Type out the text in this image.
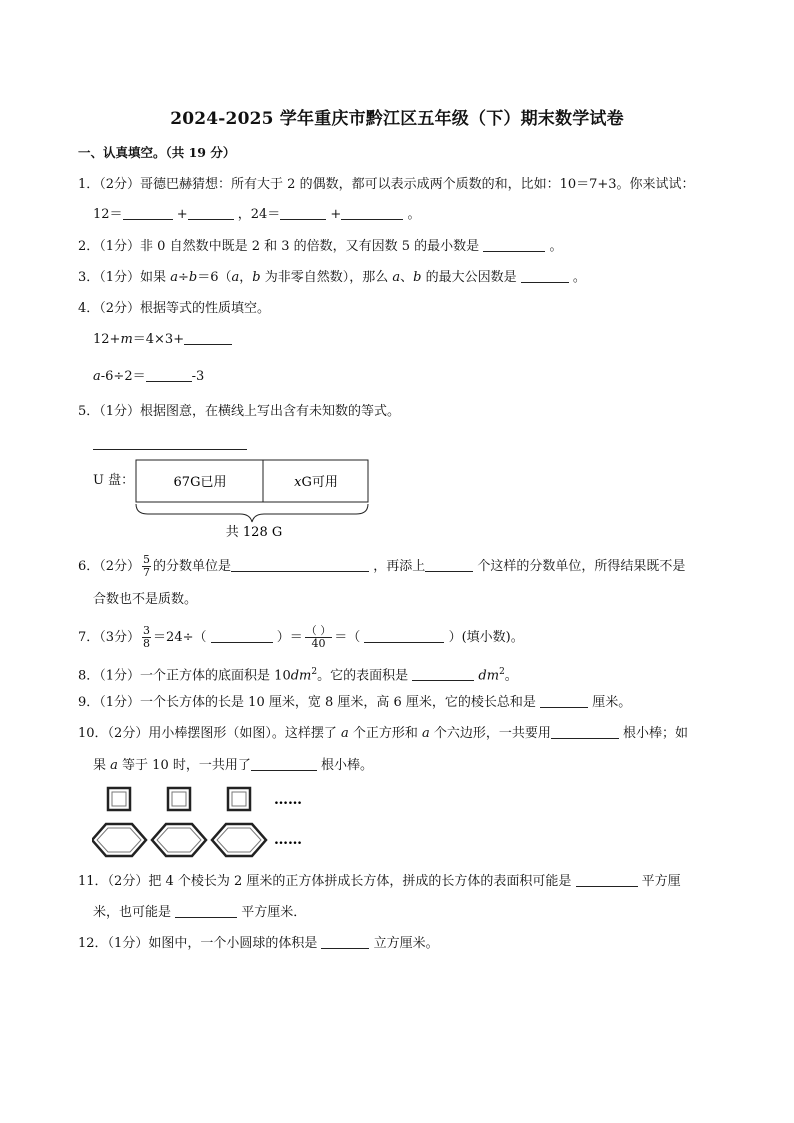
2024-2025 学年重庆市黔江区五年级（下）期末数学试卷
一、认真填空。（共 19 分）
1．（2分）哥德巴赫猜想：所有大于 2 的偶数，都可以表示成两个质数的和，比如：10＝7+3。你来试试：
12＝	+	，24＝	+	。
2．（1分）非 0 自然数中既是 2 和 3 的倍数，又有因数 5 的最小数是	。
3．（1分）如果 a÷b＝6（a，b 为非零自然数），那么 a、b 的最大公因数是	。
4．（2分）根据等式的性质填空。
12+m＝4×3+
a-6÷2＝	-3
5．（1分）根据图意，在横线上写出含有未知数的等式。
U 盘：	67G已用	xG可用
共 128 G
6．（2分） $\frac{5}{7}$ 的分数单位是	，再添上	个这样的分数单位，所得结果既不是
合数也不是质数。
7．（3分） $\frac{3}{8} =24\div$（	）＝ $\frac{( )}{40}$ ＝（	）(填小数)。
8．（1分）一个正方体的底面积是 $10dm^2$。它的表面积是	$dm^2$。
9．（1分）一个长方体的长是 10 厘米，宽 8 厘米，高 6 厘米，它的棱长总和是	厘米。
10．（2分）用小棒摆图形（如图）。这样摆了 a 个正方形和 a 个六边形，一共要用	根小棒；如
果 a 等于 10 时，一共用了	根小棒。
……
……
11．（2分）把 4 个棱长为 2 厘米的正方体拼成长方体，拼成的长方体的表面积可能是	平方厘
米，也可能是	平方厘米．
12．（1分）如图中，一个小圆球的体积是	立方厘米。
